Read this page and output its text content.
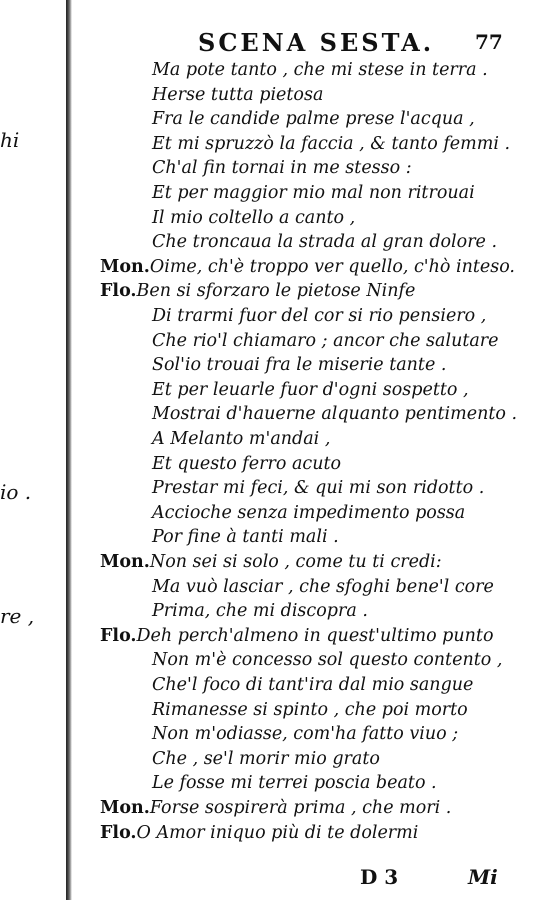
hi
io .
re ,
SCENA SESTA. 77
Ma pote tanto , che mi stese in terra .
Herse tutta pietosa
Fra le candide palme prese l'acqua ,
Et mi spruzzò la faccia , & tanto femmi .
Ch'al fin tornai in me stesso :
Et per maggior mio mal non ritrouai
Il mio coltello a canto ,
Che troncaua la strada al gran dolore .
Mon.Oime, ch'è troppo ver quello, c'hò inteso.
Flo.Ben si sforzaro le pietose Ninfe
Di trarmi fuor del cor si rio pensiero ,
Che rio'l chiamaro ; ancor che salutare
Sol'io trouai fra le miserie tante .
Et per leuarle fuor d'ogni sospetto ,
Mostrai d'hauerne alquanto pentimento .
A Melanto m'andai ,
Et questo ferro acuto
Prestar mi feci, & qui mi son ridotto .
Accioche senza impedimento possa
Por fine à tanti mali .
Mon.Non sei si solo , come tu ti credi:
Ma vuò lasciar , che sfoghi bene'l core
Prima, che mi discopra .
Flo.Deh perch'almeno in quest'ultimo punto
Non m'è concesso sol questo contento ,
Che'l foco di tant'ira dal mio sangue
Rimanesse si spinto , che poi morto
Non m'odiasse, com'ha fatto viuo ;
Che , se'l morir mio grato
Le fosse mi terrei poscia beato .
Mon.Forse sospirerà prima , che mori .
Flo.O Amor iniquo più di te dolermi
D 3	Mi
